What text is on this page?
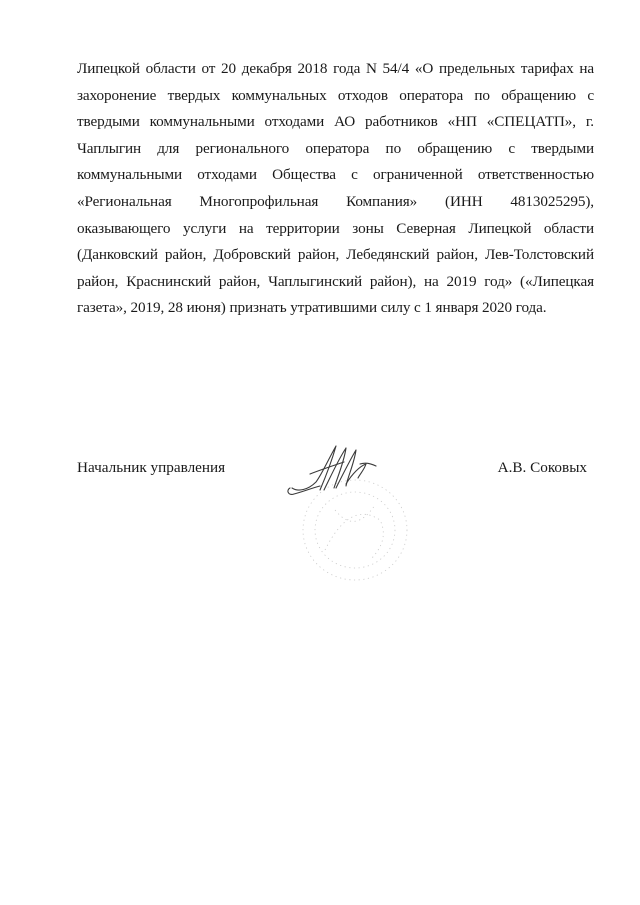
Липецкой области от 20 декабря 2018 года N 54/4 «О предельных тарифах на
захоронение твердых коммунальных отходов оператора по обращению с
твердыми коммунальными отходами АО работников «НП «СПЕЦАТП», г.
Чаплыгин для регионального оператора по обращению с твердыми
коммунальными отходами Общества с ограниченной ответственностью
«Региональная Многопрофильная Компания» (ИНН 4813025295),
оказывающего услуги на территории зоны Северная Липецкой области
(Данковский район, Добровский район, Лебедянский район, Лев-Толстовский
район, Краснинский район, Чаплыгинский район), на 2019 год» («Липецкая
газета», 2019, 28 июня) признать утратившими силу с 1 января 2020 года.

Начальник управления	А.В. Соковых
